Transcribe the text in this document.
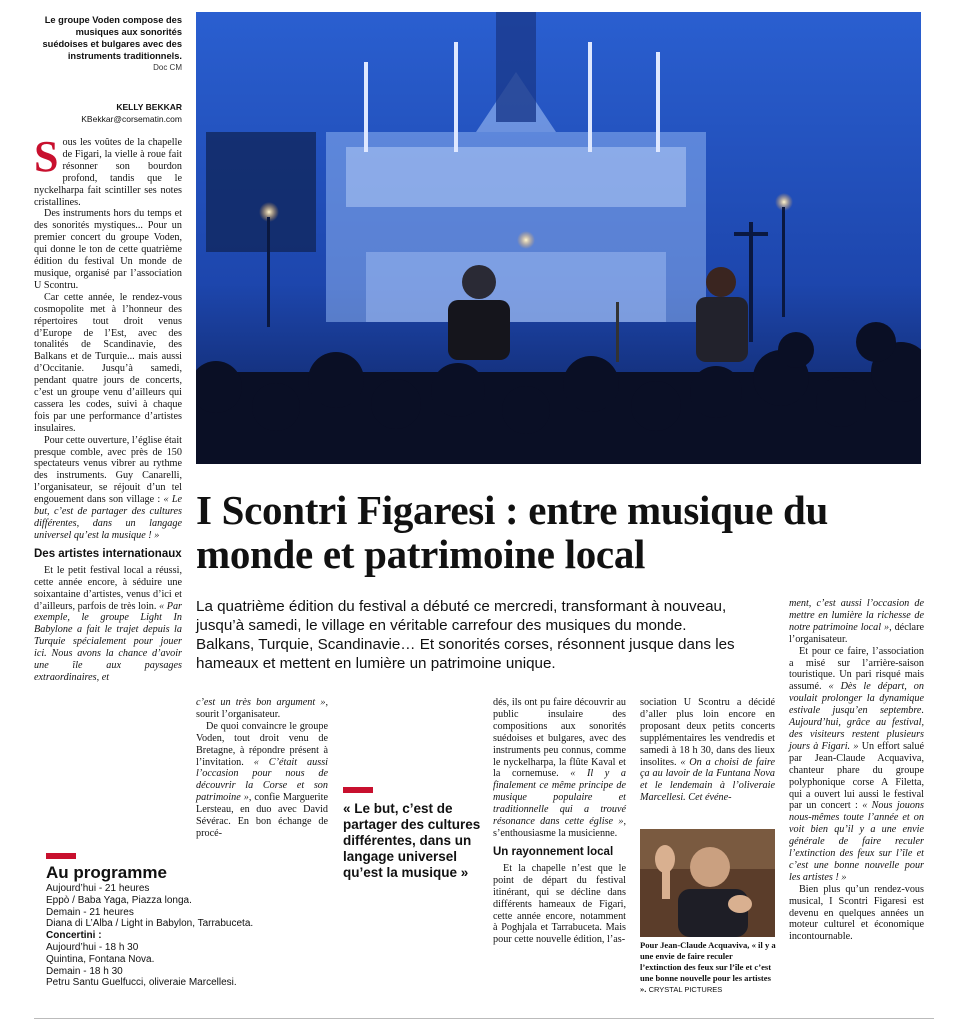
Le groupe Voden compose des musiques aux sonorités suédoises et bulgares avec des instruments traditionnels.
Doc CM
KELLY BEKKAR
KBekkar@corsematin.com
S ous les voûtes de la chapelle de Figari, la vielle à roue fait résonner son bourdon profond, tandis que le nyckelharpa fait scintiller ses notes cristallines.

Des instruments hors du temps et des sonorités mystiques... Pour un premier concert du groupe Voden, qui donne le ton de cette quatrième édition du festival Un monde de musique, organisé par l’association U Scontru.

Car cette année, le rendez-vous cosmopolite met à l’honneur des répertoires tout droit venus d’Europe de l’Est, avec des tonalités de Scandinavie, des Balkans et de Turquie... mais aussi d’Occitanie. Jusqu’à samedi, pendant quatre jours de concerts, c’est un groupe venu d’ailleurs qui cassera les codes, suivi à chaque fois par une performance d’artistes insulaires.

Pour cette ouverture, l’église était presque comble, avec près de 150 spectateurs venus vibrer au rythme des instruments. Guy Canarelli, l’organisateur, se réjouit d’un tel engouement dans son village : « Le but, c’est de partager des cultures différentes, dans un langage universel qu’est la musique ! »

Des artistes internationaux

Et le petit festival local a réussi, cette année encore, à séduire une soixantaine d’artistes, venus d’ici et d’ailleurs, parfois de très loin. « Par exemple, le groupe Light In Babylone a fait le trajet depuis la Turquie spécialement pour jouer ici. Nous avons la chance d’avoir une île aux paysages extraordinaires, et

I Scontri Figaresi : entre musique du monde et patrimoine local
La quatrième édition du festival a débuté ce mercredi, transformant à nouveau, jusqu’à samedi, le village en véritable carrefour des musiques du monde. Balkans, Turquie, Scandinavie… Et sonorités corses, résonnent jusque dans les hameaux et mettent en lumière un patrimoine unique.

c’est un très bon argument », sourit l’organisateur.

De quoi convaincre le groupe Voden, tout droit venu de Bretagne, à répondre présent à l’invitation. « C’était aussi l’occasion pour nous de découvrir la Corse et son patrimoine », confie Marguerite Lersteau, en duo avec David Sévérac. En bon échange de procé-

« Le but, c’est de partager des cultures différentes, dans un langage universel qu’est la musique »
Au programme
Aujourd’hui - 21 heures
Eppò / Baba Yaga, Piazza longa.
Demain - 21 heures
Diana di L’Alba / Light in Babylon, Tarrabuceta.
Concertini :
Aujourd’hui - 18 h 30
Quintina, Fontana Nova.
Demain - 18 h 30
Petru Santu Guelfucci, oliveraie Marcellesi.

dés, ils ont pu faire découvrir au public insulaire des compositions aux sonorités suédoises et bulgares, avec des instruments peu connus, comme le nyckelharpa, la flûte Kaval et la cornemuse. « Il y a finalement ce même principe de musique populaire et traditionnelle qui a trouvé résonance dans cette église », s’enthousiasme la musicienne.

Un rayonnement local

Et la chapelle n’est que le point de départ du festival itinérant, qui se décline dans différents hameaux de Figari, cette année encore, notamment à Poghjala et Tarrabuceta. Mais pour cette nouvelle édition, l’as-

sociation U Scontru a décidé d’aller plus loin encore en proposant deux petits concerts supplémentaires les vendredis et samedi à 18 h 30, dans des lieux insolites. « On a choisi de faire ça au lavoir de la Funtana Nova et le lendemain à l’oliveraie Marcellesi. Cet événe-

Pour Jean-Claude Acquaviva, « il y a une envie de faire reculer l’extinction des feux sur l’île et c’est une bonne nouvelle pour les artistes ». CRYSTAL PICTURES

ment, c’est aussi l’occasion de mettre en lumière la richesse de notre patrimoine local », déclare l’organisateur.

Et pour ce faire, l’association a misé sur l’arrière-saison touristique. Un pari risqué mais assumé. « Dès le départ, on voulait prolonger la dynamique estivale jusqu’en septembre. Aujourd’hui, grâce au festival, des visiteurs restent plusieurs jours à Figari. » Un effort salué par Jean-Claude Acquaviva, chanteur phare du groupe polyphonique corse A Filetta, qui a ouvert lui aussi le festival par un concert : « Nous jouons nous-mêmes toute l’année et on voit bien qu’il y a une envie générale de faire reculer l’extinction des feux sur l’île et c’est une bonne nouvelle pour les artistes ! »

Bien plus qu’un rendez-vous musical, I Scontri Figaresi est devenu en quelques années un moteur culturel et économique incontournable.
